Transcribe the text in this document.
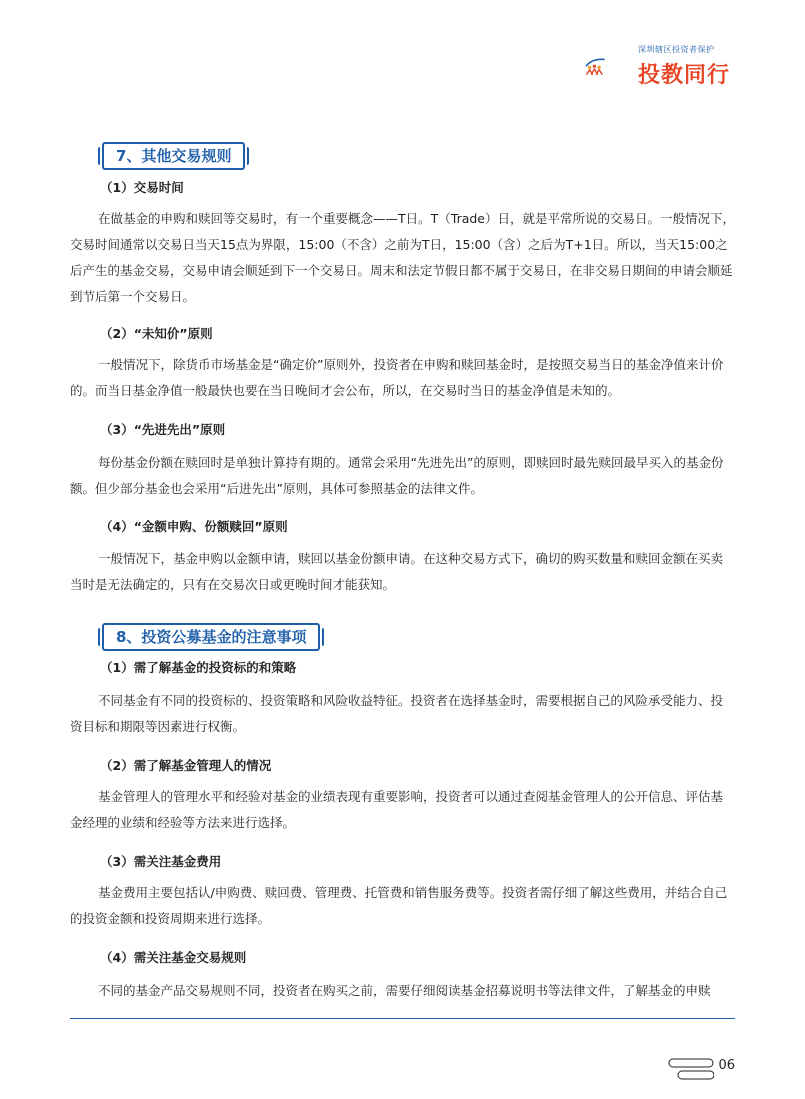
深圳辖区投资者保护
投教同行
7、其他交易规则
（1）交易时间

在做基金的申购和赎回等交易时，有一个重要概念——T日。T（Trade）日，就是平常所说的交易日。一般情况下，交易时间通常以交易日当天15点为界限，15:00（不含）之前为T日，15:00（含）之后为T+1日。所以，当天15:00之后产生的基金交易，交易申请会顺延到下一个交易日。周末和法定节假日都不属于交易日，在非交易日期间的申请会顺延到节后第一个交易日。

（2）“未知价”原则

一般情况下，除货币市场基金是“确定价”原则外，投资者在申购和赎回基金时，是按照交易当日的基金净值来计价的。而当日基金净值一般最快也要在当日晚间才会公布，所以，在交易时当日的基金净值是未知的。

（3）“先进先出”原则

每份基金份额在赎回时是单独计算持有期的。通常会采用“先进先出”的原则，即赎回时最先赎回最早买入的基金份额。但少部分基金也会采用“后进先出”原则，具体可参照基金的法律文件。

（4）“金额申购、份额赎回”原则

一般情况下，基金申购以金额申请，赎回以基金份额申请。在这种交易方式下，确切的购买数量和赎回金额在买卖当时是无法确定的，只有在交易次日或更晚时间才能获知。

8、投资公募基金的注意事项
（1）需了解基金的投资标的和策略

不同基金有不同的投资标的、投资策略和风险收益特征。投资者在选择基金时，需要根据自己的风险承受能力、投资目标和期限等因素进行权衡。

（2）需了解基金管理人的情况

基金管理人的管理水平和经验对基金的业绩表现有重要影响，投资者可以通过查阅基金管理人的公开信息、评估基金经理的业绩和经验等方法来进行选择。

（3）需关注基金费用

基金费用主要包括认/申购费、赎回费、管理费、托管费和销售服务费等。投资者需仔细了解这些费用，并结合自己的投资金额和投资周期来进行选择。

（4）需关注基金交易规则

不同的基金产品交易规则不同，投资者在购买之前，需要仔细阅读基金招募说明书等法律文件，了解基金的申赎

06
